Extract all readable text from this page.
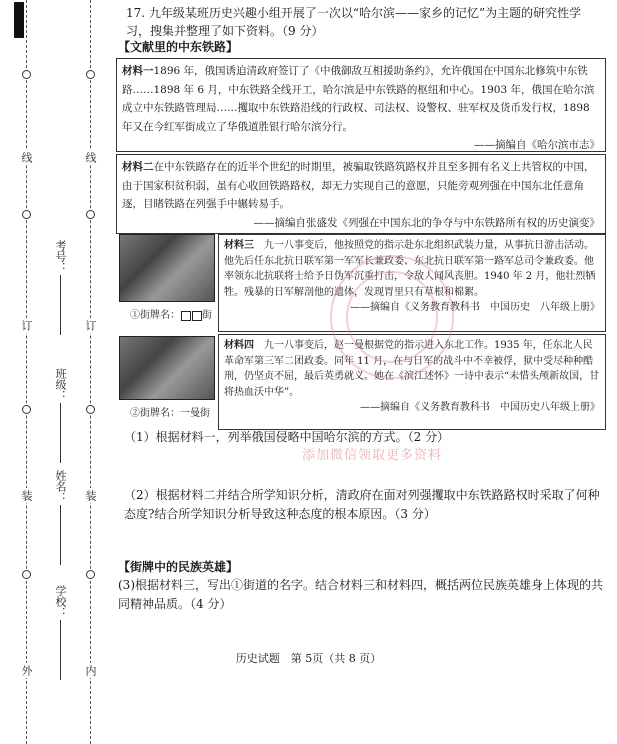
外
装
订
线
内
装
订
线
学校：
姓名：
班级：
考号：
17. 九年级某班历史兴趣小组开展了一次以“哈尔滨——家乡的记忆”为主题的研究性学习，搜集并整理了如下资料。（9 分）
【文献里的中东铁路】
材料一1896 年，俄国诱迫清政府签订了《中俄御敌互相援助条约》，允许俄国在中国东北修筑中东铁路……1898 年 6 月，中东铁路全线开工，哈尔滨是中东铁路的枢纽和中心。1903 年，俄国在哈尔滨成立中东铁路管理局……攫取中东铁路沿线的行政权、司法权、设警权、驻军权及货币发行权，1898 年又在今红军街成立了华俄道胜银行哈尔滨分行。
——摘编自《哈尔滨市志》
材料二在中东铁路存在的近半个世纪的时期里，被骗取铁路筑路权并且至多拥有名义上共管权的中国，由于国家积贫积弱，虽有心收回铁路路权，却无力实现自己的意愿，只能旁观列强在中国东北任意角逐，目睹铁路在列强手中辗转易手。
——摘编自张盛发《列强在中国东北的争夺与中东铁路所有权的历史演变》
①街牌名： 街
材料三　 九一八事变后，他按照党的指示赴东北组织武装力量，从事抗日游击活动。他先后任东北抗日联军第一军军长兼政委、东北抗日联军第一路军总司令兼政委。他率领东北抗联将士给予日伪军沉重打击，令敌人闻风丧胆。1940 年 2 月，他壮烈牺牲。残暴的日军解剖他的遗体，发现胃里只有草根和棉絮。
——摘编自《义务教育教科书　中国历史　八年级上册》
②街牌名：一曼街
材料四　 九一八事变后，赵一曼根据党的指示进入东北工作。1935 年，任东北人民革命军第三军二团政委。同年 11 月，在与日军的战斗中不幸被俘，狱中受尽种种酷刑，仍坚贞不屈，最后英勇就义。她在《滨江述怀》一诗中表示“未惜头颅新故国，甘将热血沃中华”。
——摘编自《义务教育教科书　中国历史八年级上册》
添加微信领取更多资料
（1）根据材料一，列举俄国侵略中国哈尔滨的方式。（2 分）
（2）根据材料二并结合所学知识分析，清政府在面对列强攫取中东铁路路权时采取了何种态度?结合所学知识分析导致这种态度的根本原因。（3 分）
【街牌中的民族英雄】
(3)根据材料三，写出①街道的名字。结合材料三和材料四，概括两位民族英雄身上体现的共同精神品质。（4 分）
历史试题　第 5页（共 8 页）
